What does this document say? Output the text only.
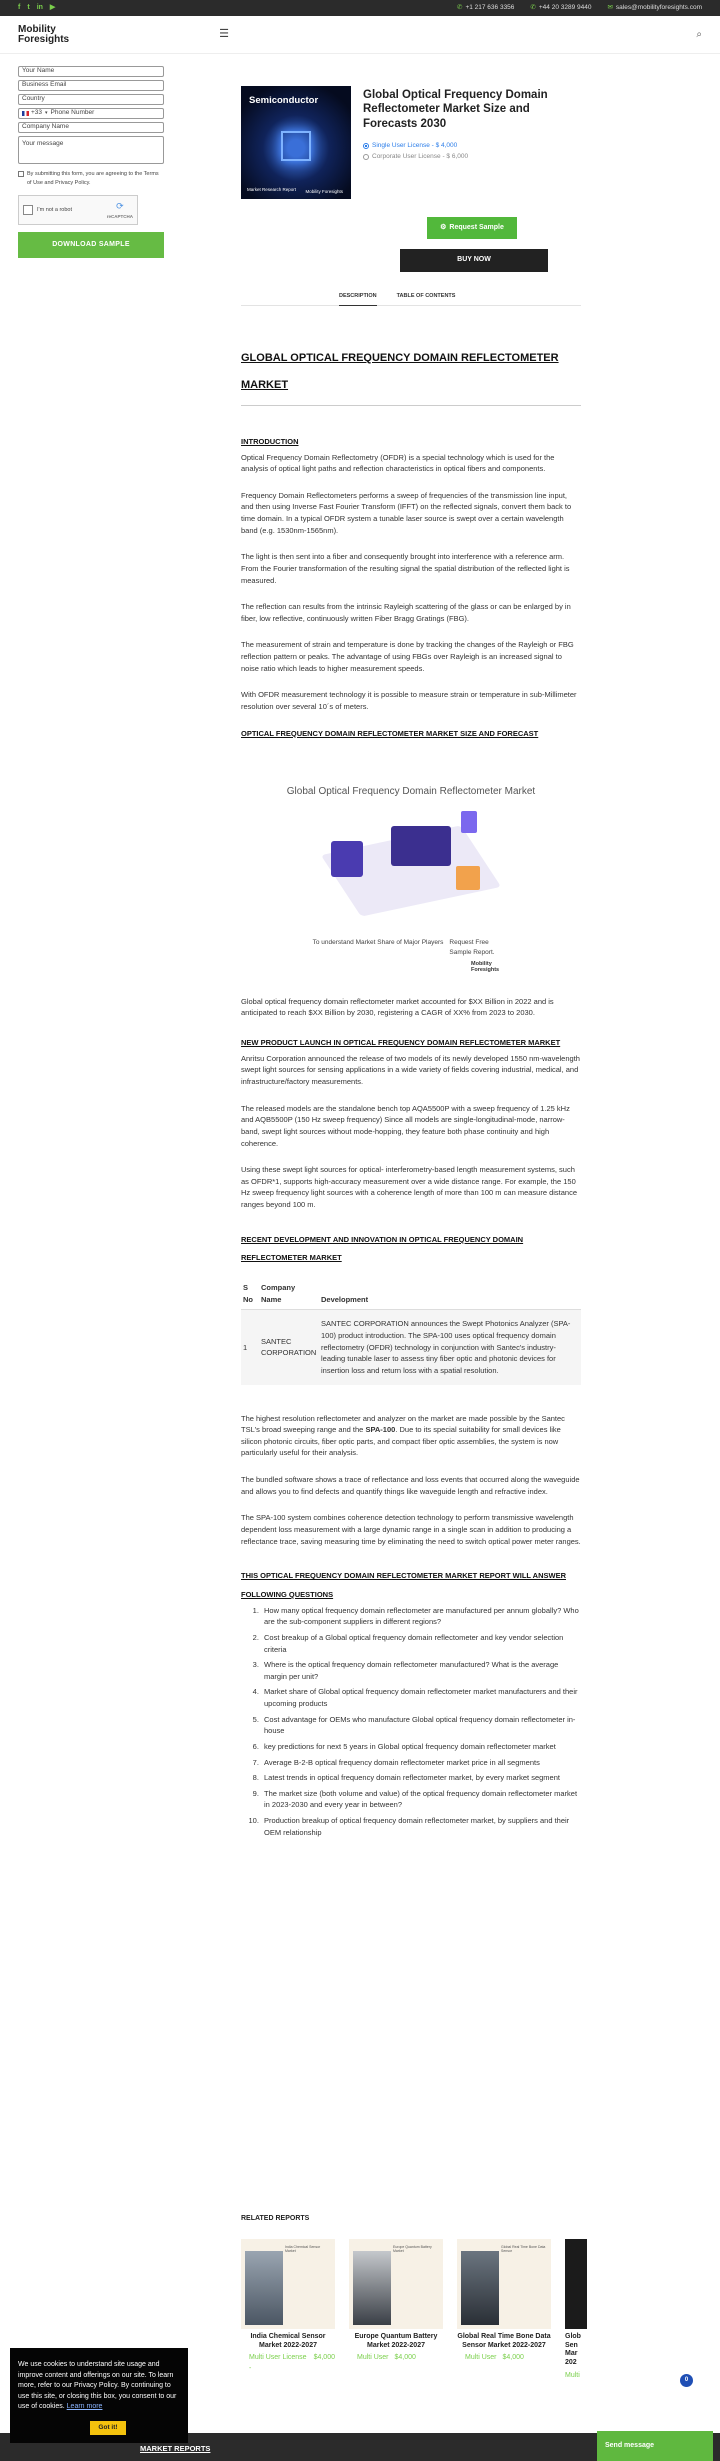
f t in ▶	✆ +1 217 636 3356 ✆ +44 20 3289 9440 ✉ sales@mobilityforesights.com
Mobility
Foresights	☰	⌕
Your Name
Business Email
Country
+33 ▾ Phone Number
Company Name
Your message
By submitting this form, you are agreeing to the Terms of Use and Privacy Policy.
I'm not a robot	⟳
reCAPTCHA
DOWNLOAD SAMPLE
Semiconductor
Market Research Report Mobility Foresights
Global Optical Frequency Domain Reflectometer Market Size and Forecasts 2030
Single User License - $ 4,000
Corporate User License - $ 6,000
⚙ Request Sample
BUY NOW
DESCRIPTION	TABLE OF CONTENTS
GLOBAL OPTICAL FREQUENCY DOMAIN REFLECTOMETER MARKET
INTRODUCTION

Optical Frequency Domain Reflectometry (OFDR) is a special technology which is used for the analysis of optical light paths and reflection characteristics in optical fibers and components.

Frequency Domain Reflectometers performs a sweep of frequencies of the transmission line input, and then using Inverse Fast Fourier Transform (IFFT) on the reflected signals, convert them back to time domain. In a typical OFDR system a tunable laser source is swept over a certain wavelength band (e.g. 1530nm-1565nm).

The light is then sent into a fiber and consequently brought into interference with a reference arm. From the Fourier transformation of the resulting signal the spatial distribution of the reflected light is measured.

The reflection can results from the intrinsic Rayleigh scattering of the glass or can be enlarged by in fiber, low reflective, continuously written Fiber Bragg Gratings (FBG).

The measurement of strain and temperature is done by tracking the changes of the Rayleigh or FBG reflection pattern or peaks. The advantage of using FBGs over Rayleigh is an increased signal to noise ratio which leads to higher measurement speeds.

With OFDR measurement technology it is possible to measure strain or temperature in sub-Millimeter resolution over several 10´s of meters.

OPTICAL FREQUENCY DOMAIN REFLECTOMETER MARKET SIZE AND FORECAST
Global Optical Frequency Domain Reflectometer Market
To understand Market Share of Major Players Request Free Sample Report.
Mobility
Foresights

Global optical frequency domain reflectometer market accounted for $XX Billion in 2022 and is anticipated to reach $XX Billion by 2030, registering a CAGR of XX% from 2023 to 2030.

NEW PRODUCT LAUNCH IN OPTICAL FREQUENCY DOMAIN REFLECTOMETER MARKET

Anritsu Corporation announced the release of two models of its newly developed 1550 nm-wavelength swept light sources for sensing applications in a wide variety of fields covering industrial, medical, and infrastructure/factory measurements.

The released models are the standalone bench top AQA5500P with a sweep frequency of 1.25 kHz and AQB5500P (150 Hz sweep frequency) Since all models are single-longitudinal-mode, narrow-band, swept light sources without mode-hopping, they feature both phase continuity and high coherence.

Using these swept light sources for optical- interferometry-based length measurement systems, such as OFDR*1, supports high-accuracy measurement over a wide distance range. For example, the 150 Hz sweep frequency light sources with a coherence length of more than 100 m can measure distance ranges beyond 100 m.

RECENT DEVELOPMENT AND INNOVATION IN OPTICAL FREQUENCY DOMAIN REFLECTOMETER MARKET
S No	Company Name	Development
1	SANTEC CORPORATION	SANTEC CORPORATION announces the Swept Photonics Analyzer (SPA-100) product introduction. The SPA-100 uses optical frequency domain reflectometry (OFDR) technology in conjunction with Santec's industry-leading tunable laser to assess tiny fiber optic and photonic devices for insertion loss and return loss with a spatial resolution.

The highest resolution reflectometer and analyzer on the market are made possible by the Santec TSL's broad sweeping range and the SPA-100. Due to its special suitability for small devices like silicon photonic circuits, fiber optic parts, and compact fiber optic assemblies, the system is now particularly useful for their analysis.

The bundled software shows a trace of reflectance and loss events that occurred along the waveguide and allows you to find defects and quantify things like waveguide length and refractive index.

The SPA-100 system combines coherence detection technology to perform transmissive wavelength dependent loss measurement with a large dynamic range in a single scan in addition to producing a reflectance trace, saving measuring time by eliminating the need to switch optical power meter ranges.

THIS OPTICAL FREQUENCY DOMAIN REFLECTOMETER MARKET REPORT WILL ANSWER FOLLOWING QUESTIONS
1. How many optical frequency domain reflectometer are manufactured per annum globally? Who are the sub-component suppliers in different regions?
2. Cost breakup of a Global optical frequency domain reflectometer and key vendor selection criteria
3. Where is the optical frequency domain reflectometer manufactured? What is the average margin per unit?
4. Market share of Global optical frequency domain reflectometer market manufacturers and their upcoming products
5. Cost advantage for OEMs who manufacture Global optical frequency domain reflectometer in-house
6. key predictions for next 5 years in Global optical frequency domain reflectometer market
7. Average B-2-B optical frequency domain reflectometer market price in all segments
8. Latest trends in optical frequency domain reflectometer market, by every market segment
9. The market size (both volume and value) of the optical frequency domain reflectometer market in 2023-2030 and every year in between?
10. Production breakup of optical frequency domain reflectometer market, by suppliers and their OEM relationship
RELATED REPORTS
India Chemical Sensor Market
India Chemical Sensor Market 2022-2027
Multi User License -
$4,000
Europe Quantum Battery Market
Europe Quantum Battery Market 2022-2027
Multi User $4,000
Global Real Time Bone Data Sensor
Global Real Time Bone Data Sensor Market 2022-2027
Multi User $4,000
Glob Sen Mar 202
Multi
MARKET REPORTS
We use cookies to understand site usage and improve content and offerings on our site. To learn more, refer to our Privacy Policy. By continuing to use this site, or closing this box, you consent to our use of cookies. Learn more
Got it!
0
Send message
